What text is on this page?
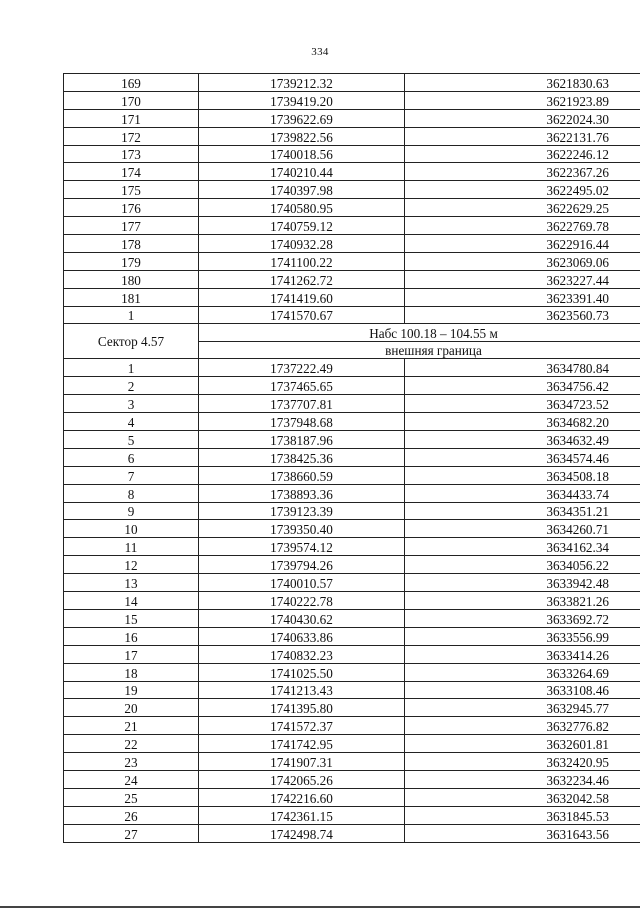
334
169	1739212.32	3621830.63
170	1739419.20	3621923.89
171	1739622.69	3622024.30
172	1739822.56	3622131.76
173	1740018.56	3622246.12
174	1740210.44	3622367.26
175	1740397.98	3622495.02
176	1740580.95	3622629.25
177	1740759.12	3622769.78
178	1740932.28	3622916.44
179	1741100.22	3623069.06
180	1741262.72	3623227.44
181	1741419.60	3623391.40
1	1741570.67	3623560.73
Сектор 4.57	Набс 100.18 – 104.55 м	
	внешняя граница	
1	1737222.49	3634780.84
2	1737465.65	3634756.42
3	1737707.81	3634723.52
4	1737948.68	3634682.20
5	1738187.96	3634632.49
6	1738425.36	3634574.46
7	1738660.59	3634508.18
8	1738893.36	3634433.74
9	1739123.39	3634351.21
10	1739350.40	3634260.71
11	1739574.12	3634162.34
12	1739794.26	3634056.22
13	1740010.57	3633942.48
14	1740222.78	3633821.26
15	1740430.62	3633692.72
16	1740633.86	3633556.99
17	1740832.23	3633414.26
18	1741025.50	3633264.69
19	1741213.43	3633108.46
20	1741395.80	3632945.77
21	1741572.37	3632776.82
22	1741742.95	3632601.81
23	1741907.31	3632420.95
24	1742065.26	3632234.46
25	1742216.60	3632042.58
26	1742361.15	3631845.53
27	1742498.74	3631643.56
